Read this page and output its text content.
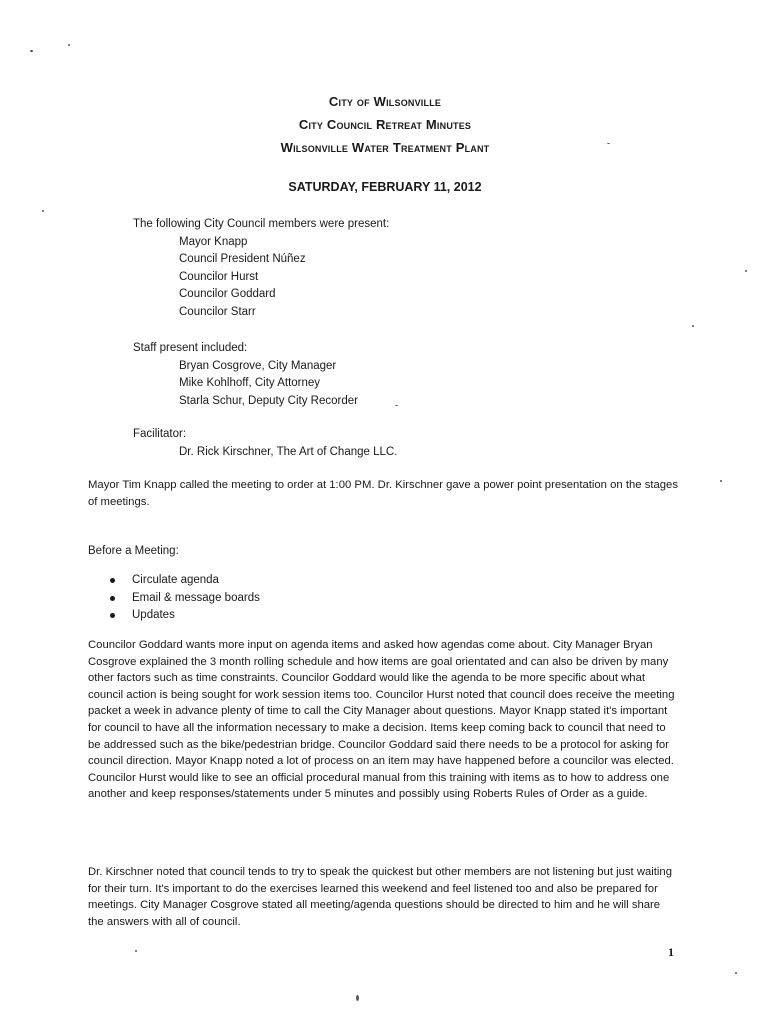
City of Wilsonville
City Council Retreat Minutes
Wilsonville Water Treatment Plant
SATURDAY, FEBRUARY 11, 2012

The following City Council members were present:

Mayor Knapp
Council President Núñez
Councilor Hurst
Councilor Goddard
Councilor Starr

Staff present included:

Bryan Cosgrove, City Manager
Mike Kohlhoff, City Attorney
Starla Schur, Deputy City Recorder

Facilitator:

Dr. Rick Kirschner, The Art of Change LLC.

Mayor Tim Knapp called the meeting to order at 1:00 PM. Dr. Kirschner gave a power point presentation on the stages of meetings.

Before a Meeting:
Circulate agenda
Email & message boards
Updates

Councilor Goddard wants more input on agenda items and asked how agendas come about. City Manager Bryan Cosgrove explained the 3 month rolling schedule and how items are goal orientated and can also be driven by many other factors such as time constraints. Councilor Goddard would like the agenda to be more specific about what council action is being sought for work session items too. Councilor Hurst noted that council does receive the meeting packet a week in advance plenty of time to call the City Manager about questions. Mayor Knapp stated it's important for council to have all the information necessary to make a decision. Items keep coming back to council that need to be addressed such as the bike/pedestrian bridge. Councilor Goddard said there needs to be a protocol for asking for council direction. Mayor Knapp noted a lot of process on an item may have happened before a councilor was elected. Councilor Hurst would like to see an official procedural manual from this training with items as to how to address one another and keep responses/statements under 5 minutes and possibly using Roberts Rules of Order as a guide.

Dr. Kirschner noted that council tends to try to speak the quickest but other members are not listening but just waiting for their turn. It's important to do the exercises learned this weekend and feel listened too and also be prepared for meetings. City Manager Cosgrove stated all meeting/agenda questions should be directed to him and he will share the answers with all of council.

1
